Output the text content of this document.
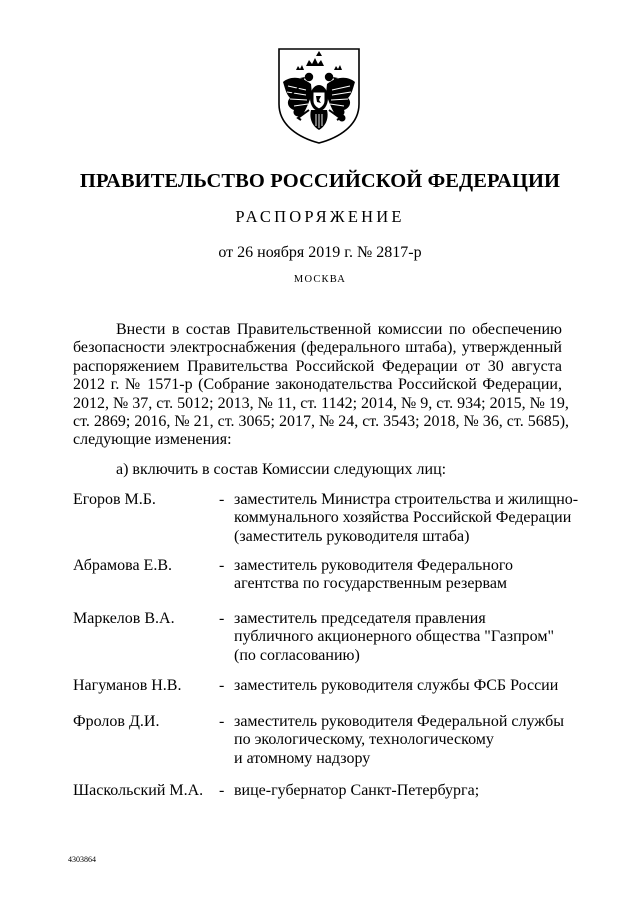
ПРАВИТЕЛЬСТВО РОССИЙСКОЙ ФЕДЕРАЦИИ
РАСПОРЯЖЕНИЕ
от 26 ноября 2019 г. № 2817-р
МОСКВА
Внести в состав Правительственной комиссии по обеспечению
безопасности электроснабжения (федерального штаба), утвержденный
распоряжением Правительства Российской Федерации от 30 августа
2012 г. № 1571-р (Собрание законодательства Российской Федерации,
2012, № 37, ст. 5012; 2013, № 11, ст. 1142; 2014, № 9, ст. 934; 2015, № 19,
ст. 2869; 2016, № 21, ст. 3065; 2017, № 24, ст. 3543; 2018, № 36, ст. 5685),
следующие изменения:
а) включить в состав Комиссии следующих лиц:
Егоров М.Б.	- заместитель Министра строительства и жилищно-
коммунального хозяйства Российской Федерации
(заместитель руководителя штаба)
Абрамова Е.В.	- заместитель руководителя Федерального
агентства по государственным резервам
Маркелов В.А.	- заместитель председателя правления
публичного акционерного общества "Газпром"
(по согласованию)
Нагуманов Н.В. - заместитель руководителя службы ФСБ России
Фролов Д.И.	- заместитель руководителя Федеральной службы
по экологическому, технологическому
и атомному надзору
Шаскольский М.А. - вице-губернатор Санкт-Петербурга;
4303864
